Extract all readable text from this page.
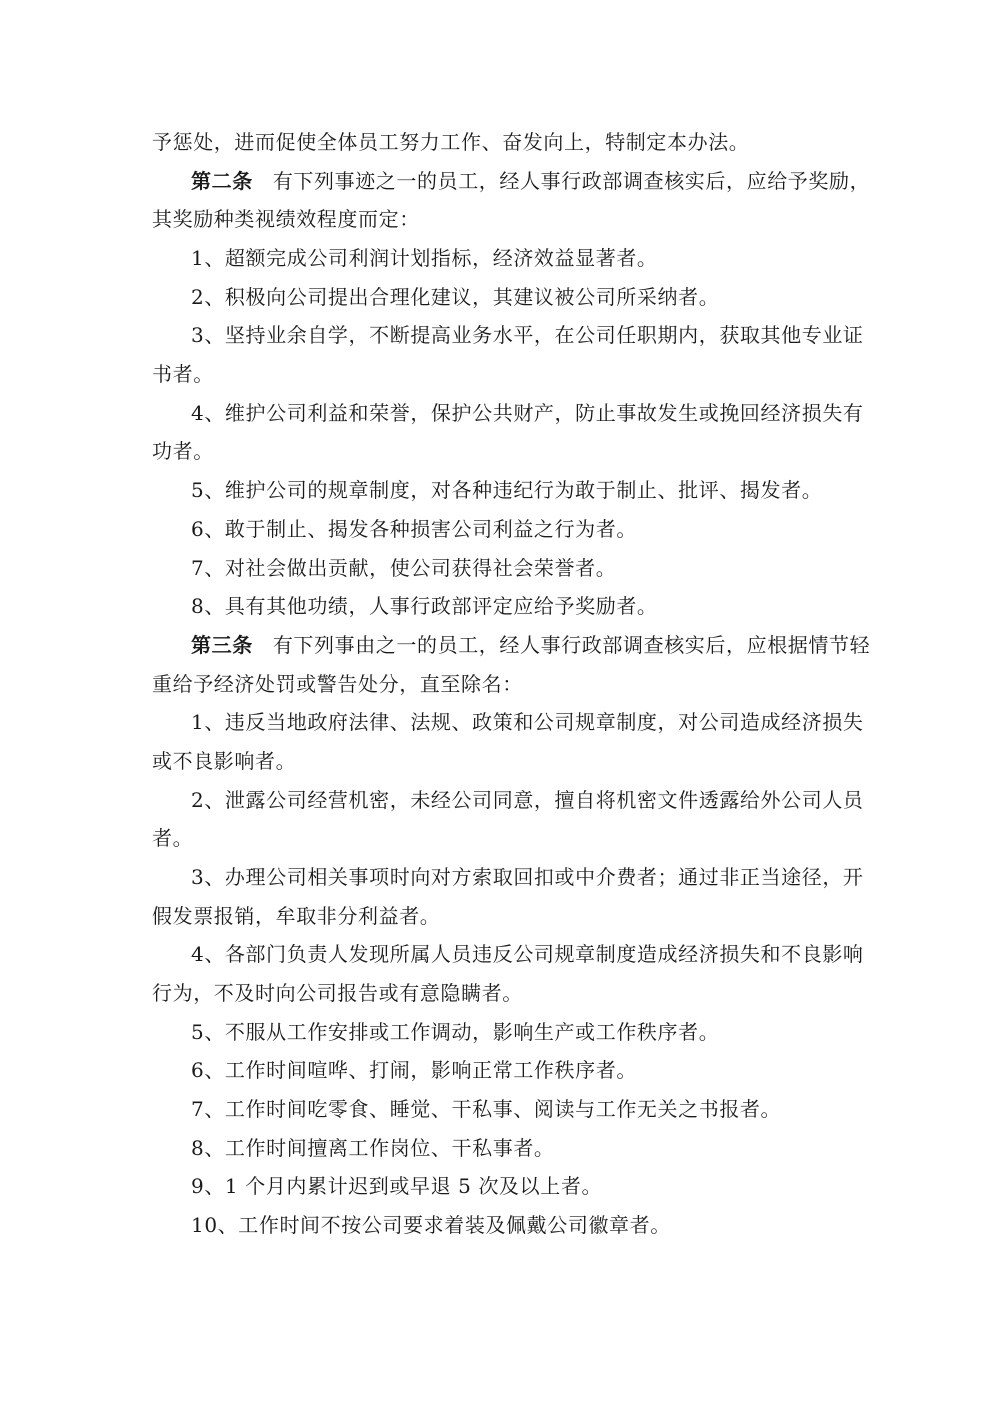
予惩处，进而促使全体员工努力工作、奋发向上，特制定本办法。
第二条 有下列事迹之一的员工，经人事行政部调查核实后，应给予奖励，
其奖励种类视绩效程度而定：
1、超额完成公司利润计划指标，经济效益显著者。
2、积极向公司提出合理化建议，其建议被公司所采纳者。
3、坚持业余自学，不断提高业务水平，在公司任职期内，获取其他专业证
书者。
4、维护公司利益和荣誉，保护公共财产，防止事故发生或挽回经济损失有
功者。
5、维护公司的规章制度，对各种违纪行为敢于制止、批评、揭发者。
6、敢于制止、揭发各种损害公司利益之行为者。
7、对社会做出贡献，使公司获得社会荣誉者。
8、具有其他功绩，人事行政部评定应给予奖励者。
第三条 有下列事由之一的员工，经人事行政部调查核实后，应根据情节轻
重给予经济处罚或警告处分，直至除名：
1、违反当地政府法律、法规、政策和公司规章制度，对公司造成经济损失
或不良影响者。
2、泄露公司经营机密，未经公司同意，擅自将机密文件透露给外公司人员
者。
3、办理公司相关事项时向对方索取回扣或中介费者；通过非正当途径，开
假发票报销，牟取非分利益者。
4、各部门负责人发现所属人员违反公司规章制度造成经济损失和不良影响
行为，不及时向公司报告或有意隐瞒者。
5、不服从工作安排或工作调动，影响生产或工作秩序者。
6、工作时间喧哗、打闹，影响正常工作秩序者。
7、工作时间吃零食、睡觉、干私事、阅读与工作无关之书报者。
8、工作时间擅离工作岗位、干私事者。
9、1 个月内累计迟到或早退 5 次及以上者。
10、工作时间不按公司要求着装及佩戴公司徽章者。
